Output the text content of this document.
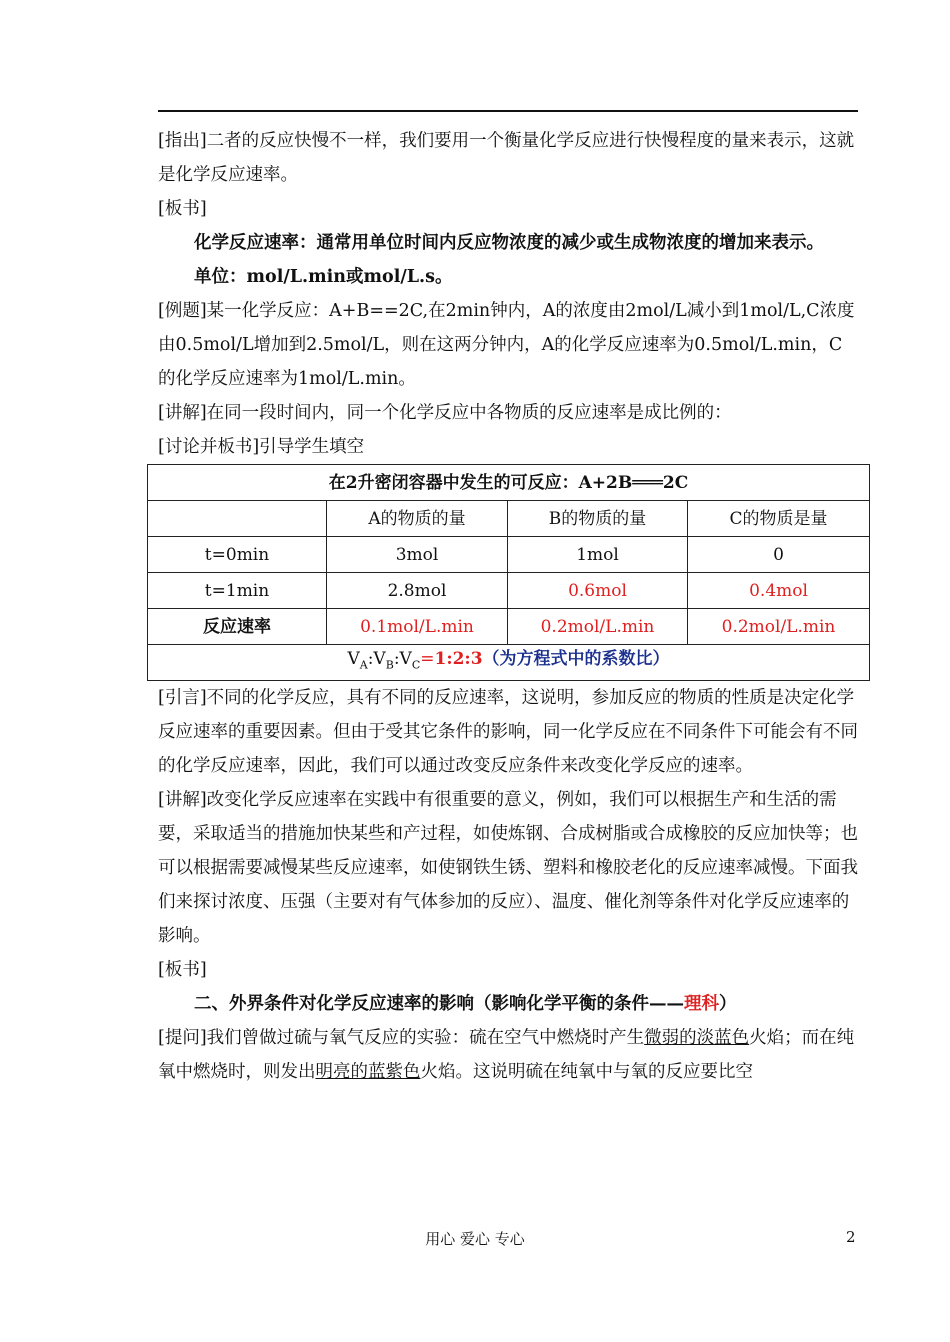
[指出]二者的反应快慢不一样，我们要用一个衡量化学反应进行快慢程度的量来表示，这就是化学反应速率。

[板书]

化学反应速率：通常用单位时间内反应物浓度的减少或生成物浓度的增加来表示。

单位：mol/L.min或mol/L.s。

[例题]某一化学反应：A+B==2C,在2min钟内，A的浓度由2mol/L减小到1mol/L,C浓度由0.5mol/L增加到2.5mol/L，则在这两分钟内，A的化学反应速率为0.5mol/L.min，C的化学反应速率为1mol/L.min。

[讲解]在同一段时间内，同一个化学反应中各物质的反应速率是成比例的：

[讨论并板书]引导学生填空

在2升密闭容器中发生的可反应：A+2B═══2C			
	A的物质的量	B的物质的量	C的物质是量
t=0min	3mol	1mol	0
t=1min	2.8mol	0.6mol	0.4mol
反应速率	0.1mol/L.min	0.2mol/L.min	0.2mol/L.min
$V_A:V_B:V_C=1:2:3$（为方程式中的系数比）			

[引言]不同的化学反应，具有不同的反应速率，这说明，参加反应的物质的性质是决定化学反应速率的重要因素。但由于受其它条件的影响，同一化学反应在不同条件下可能会有不同的化学反应速率，因此，我们可以通过改变反应条件来改变化学反应的速率。

[讲解]改变化学反应速率在实践中有很重要的意义，例如，我们可以根据生产和生活的需要，采取适当的措施加快某些和产过程，如使炼钢、合成树脂或合成橡胶的反应加快等；也可以根据需要减慢某些反应速率，如使钢铁生锈、塑料和橡胶老化的反应速率减慢。下面我们来探讨浓度、压强（主要对有气体参加的反应）、温度、催化剂等条件对化学反应速率的影响。

[板书]

二、外界条件对化学反应速率的影响（影响化学平衡的条件——理科）

[提问]我们曾做过硫与氧气反应的实验：硫在空气中燃烧时产生微弱的淡蓝色火焰；而在纯氧中燃烧时，则发出明亮的蓝紫色火焰。这说明硫在纯氧中与氧的反应要比空

用心 爱心 专心	2
